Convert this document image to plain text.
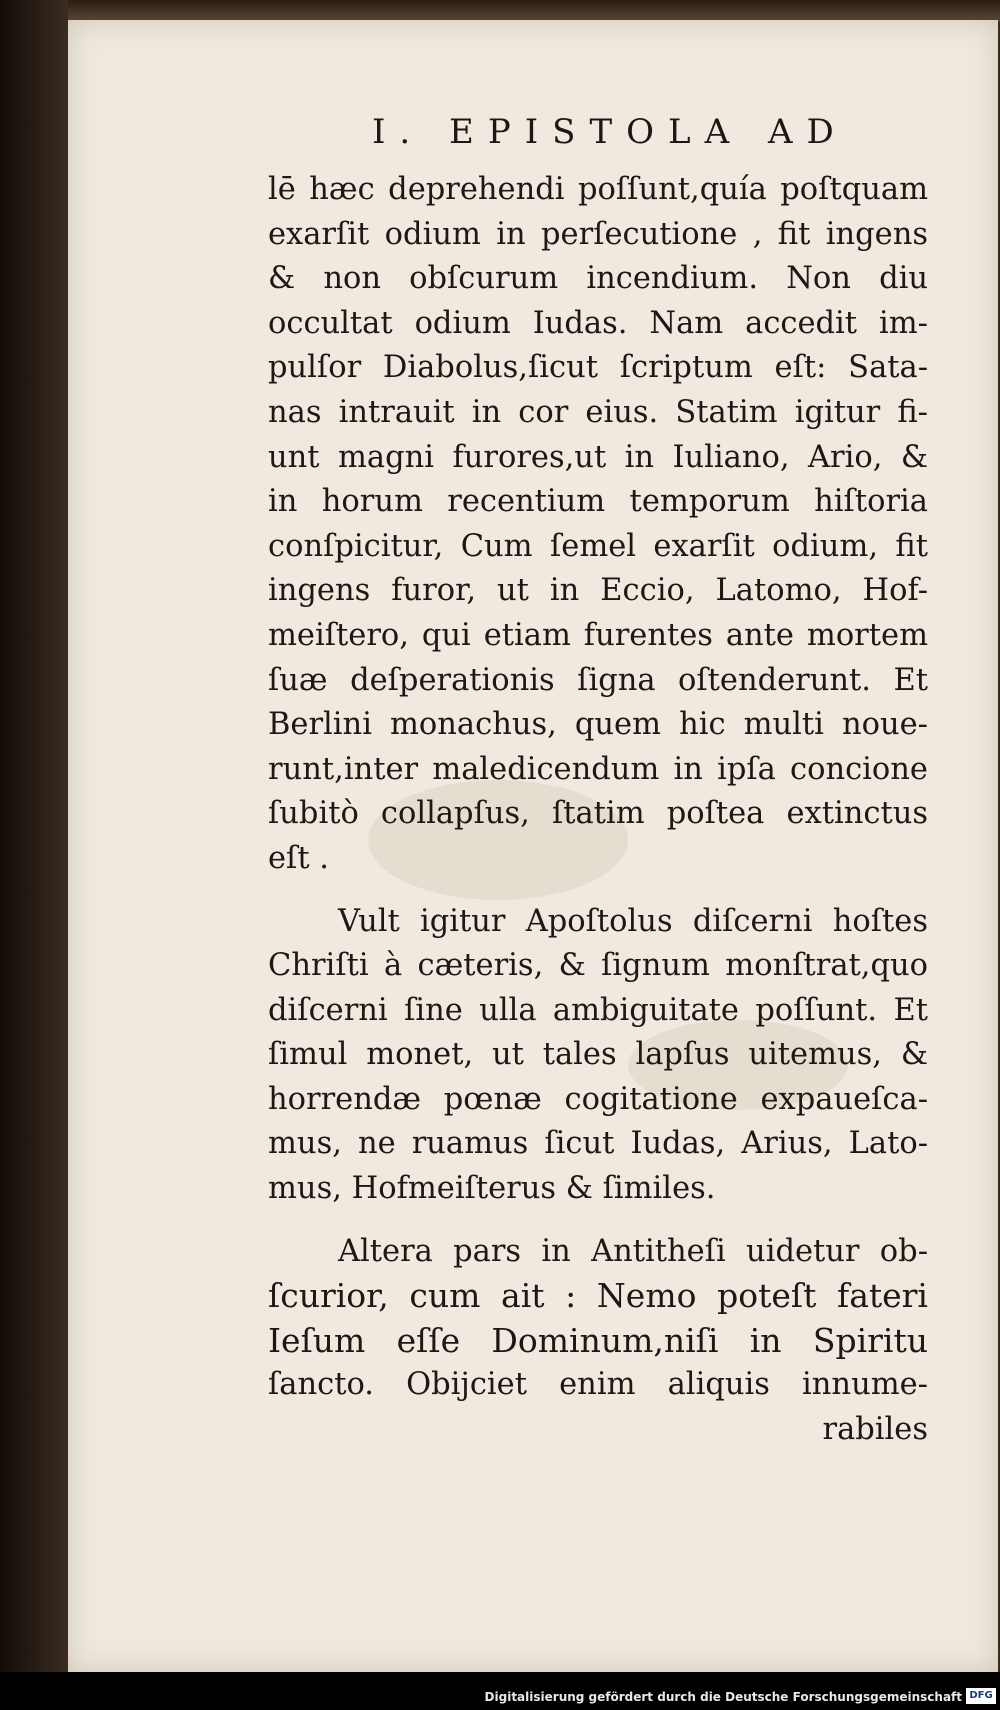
I. EPISTOLA AD
lē hæc deprehendi poſſunt,quía poſtquam
exarſit odium in perſecutione , fit ingens
& non obſcurum incendium. Non diu
occultat odium Iudas. Nam accedit im-
pulſor Diabolus,ſicut ſcriptum eſt: Sata-
nas intrauit in cor eius. Statim igitur fi-
unt magni furores,ut in Iuliano, Ario, &
in horum recentium temporum hiſtoria
conſpicitur, Cum ſemel exarſit odium, fit
ingens furor, ut in Eccio, Latomo, Hof-
meiſtero, qui etiam furentes ante mortem
ſuæ deſperationis ſigna oſtenderunt. Et
Berlini monachus, quem hic multi noue-
runt,inter maledicendum in ipſa concione
ſubitò collapſus, ſtatim poſtea extinctus
eſt .
Vult igitur Apoſtolus diſcerni hoſtes
Chriſti à cæteris, & ſignum monſtrat,quo
diſcerni ſine ulla ambiguitate poſſunt. Et
ſimul monet, ut tales lapſus uitemus, &
horrendæ pœnæ cogitatione expaueſca-
mus, ne ruamus ſicut Iudas, Arius, Lato-
mus, Hofmeiſterus & ſimiles.
Altera pars in Antitheſi uidetur ob-
ſcurior, cum ait : Nemo poteſt fateri
Ieſum eſſe Dominum,niſi in Spiritu
ſancto. Obijciet enim aliquis innume-
rabiles
Digitalisierung gefördert durch die Deutsche Forschungsgemeinschaft DFG
